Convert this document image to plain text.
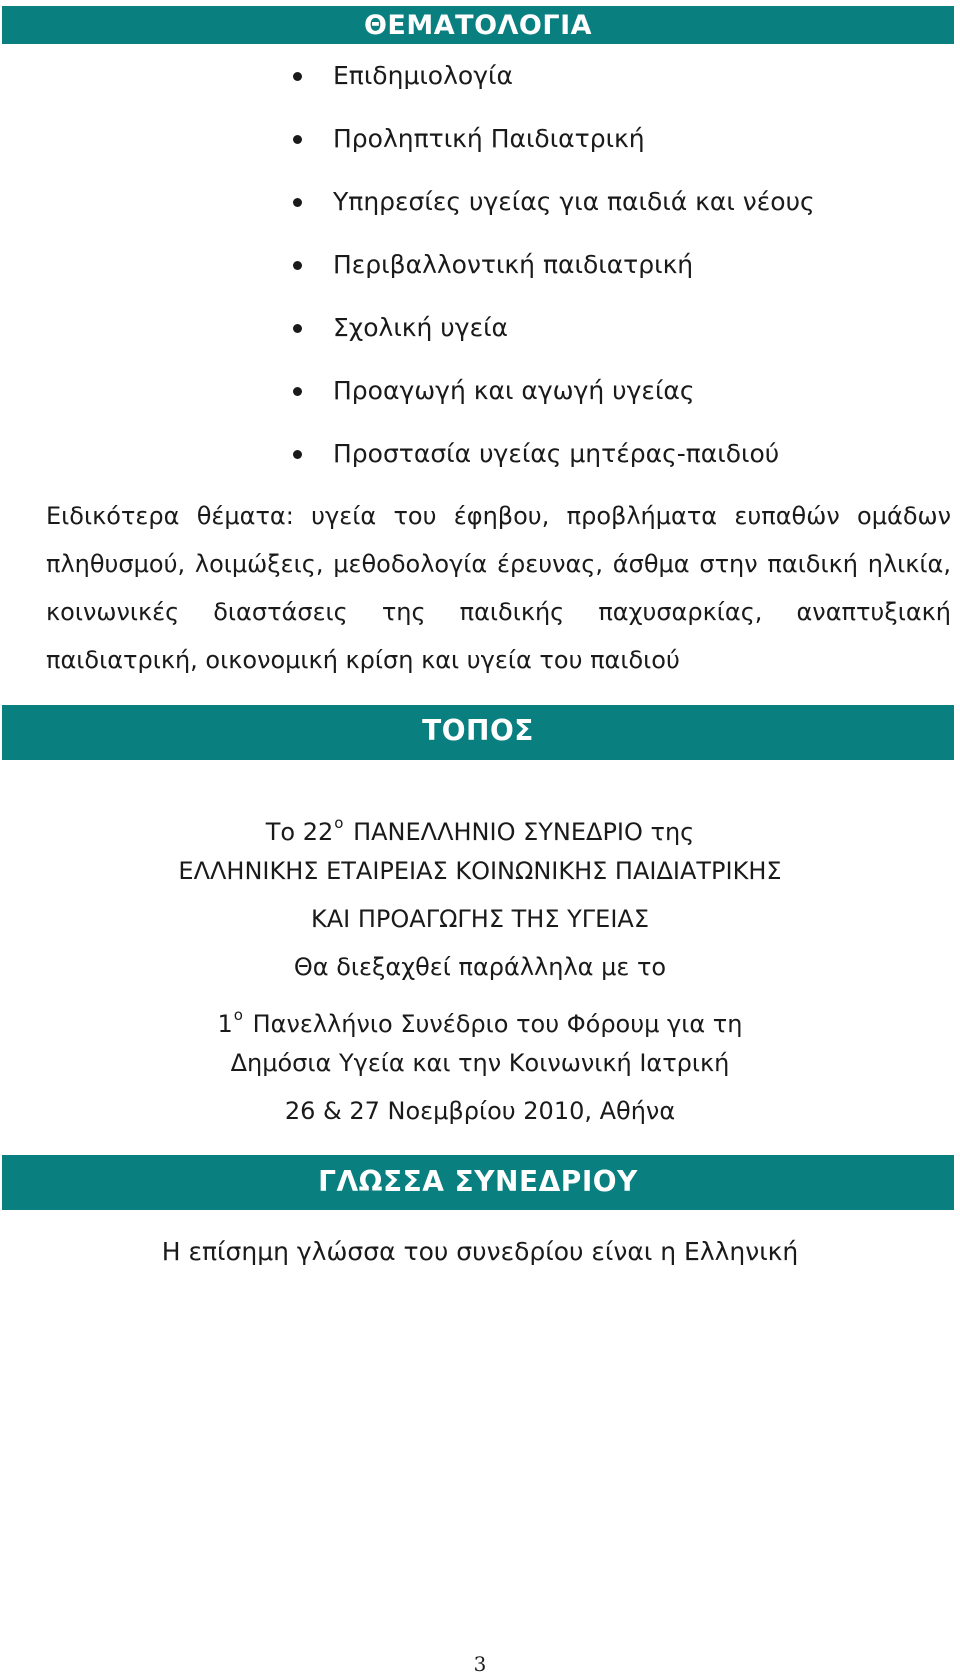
ΘΕΜΑΤΟΛΟΓΙΑ
Επιδημιολογία
Προληπτική Παιδιατρική
Υπηρεσίες υγείας για παιδιά και νέους
Περιβαλλοντική παιδιατρική
Σχολική υγεία
Προαγωγή και αγωγή υγείας
Προστασία υγείας μητέρας-παιδιού

Ειδικότερα θέματα: υγεία του έφηβου, προβλήματα ευπαθών ομάδων πληθυσμού, λοιμώξεις, μεθοδολογία έρευνας, άσθμα στην παιδική ηλικία, κοινωνικές διαστάσεις της παιδικής παχυσαρκίας, αναπτυξιακή παιδιατρική, οικονομική κρίση και υγεία του παιδιού

ΤΟΠΟΣ
Το $22^o$ ΠΑΝΕΛΛΗΝΙΟ ΣΥΝΕΔΡΙΟ της
ΕΛΛΗΝΙΚΗΣ ΕΤΑΙΡΕΙΑΣ ΚΟΙΝΩΝΙΚΗΣ ΠΑΙΔΙΑΤΡΙΚΗΣ
ΚΑΙ ΠΡΟΑΓΩΓΗΣ ΤΗΣ ΥΓΕΙΑΣ
Θα διεξαχθεί παράλληλα με το
$1^o$ Πανελλήνιο Συνέδριο του Φόρουμ για τη
Δημόσια Υγεία και την Κοινωνική Ιατρική
26 & 27 Νοεμβρίου 2010, Αθήνα
ΓΛΩΣΣΑ ΣΥΝΕΔΡΙΟΥ
Η επίσημη γλώσσα του συνεδρίου είναι η Ελληνική
3
